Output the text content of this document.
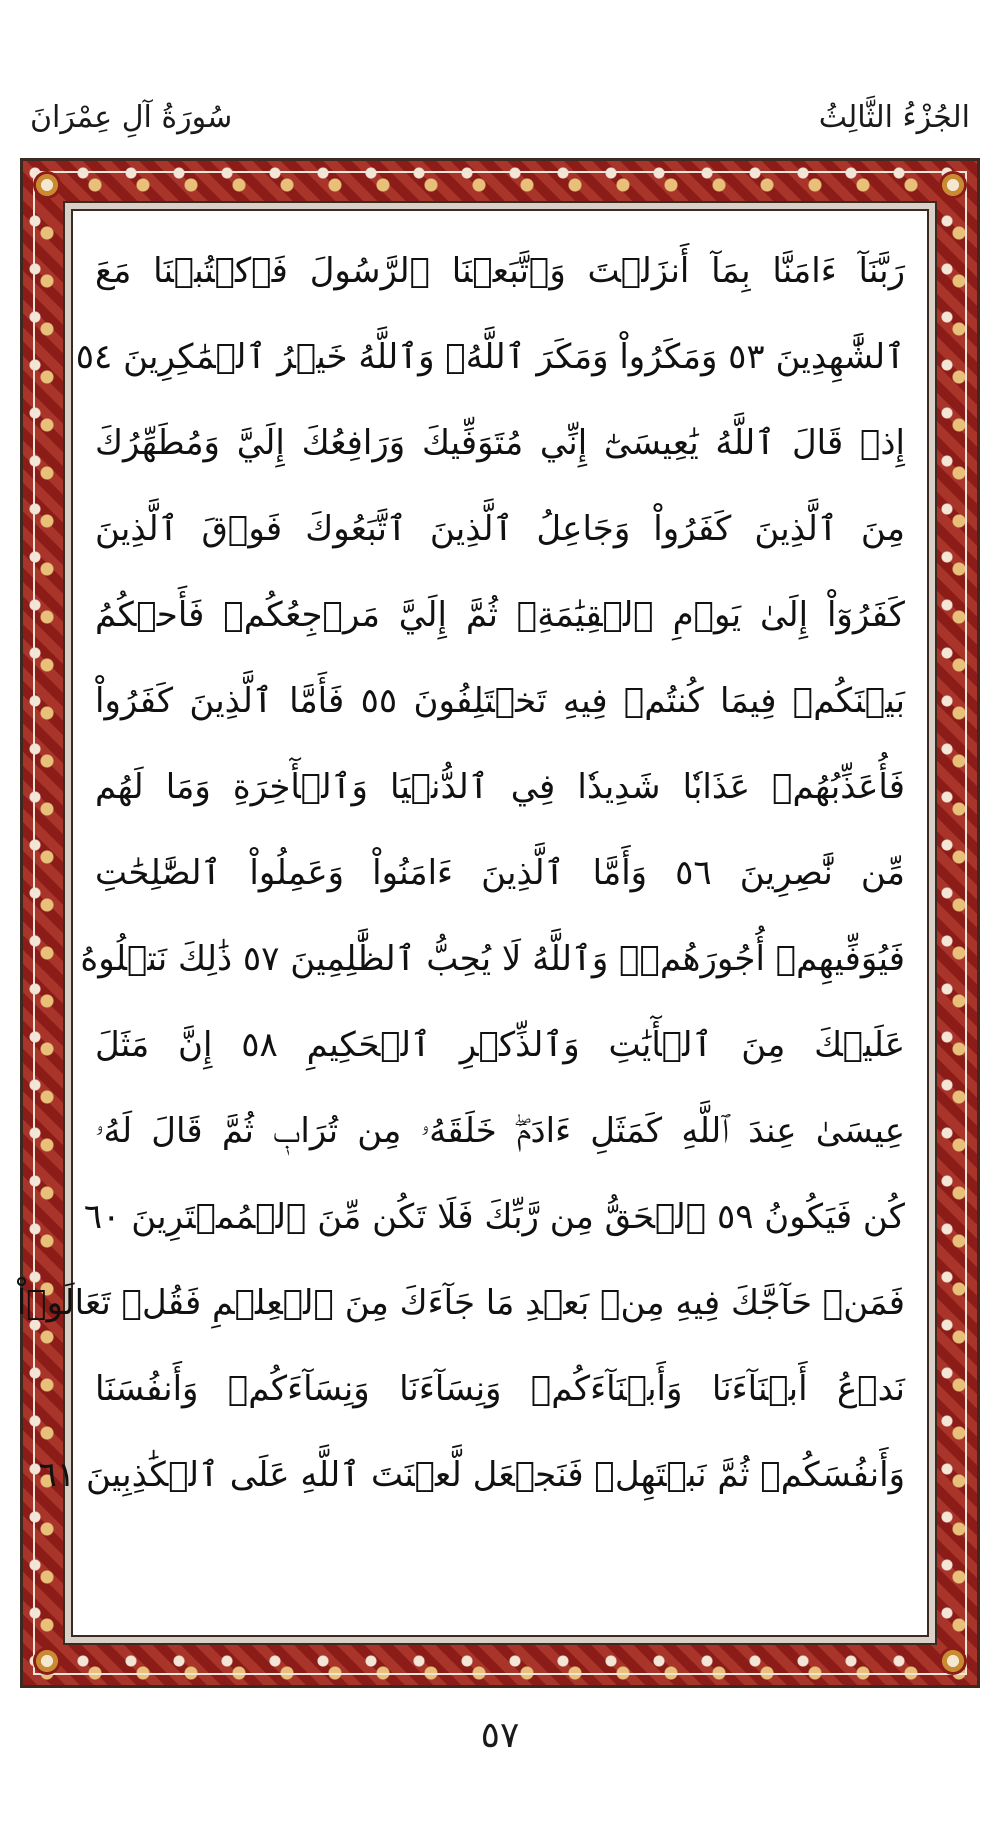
الجُزْءُ الثَّالِثُ
سُورَةُ آلِ عِمْرَانَ
رَبَّنَآ ءَامَنَّا بِمَآ أَنزَلۡتَ وَٱتَّبَعۡنَا ٱلرَّسُولَ فَٱكۡتُبۡنَا مَعَ
ٱلشَّٰهِدِينَ ٥٣ وَمَكَرُواْ وَمَكَرَ ٱللَّهُۖ وَٱللَّهُ خَيۡرُ ٱلۡمَٰكِرِينَ ٥٤
إِذۡ قَالَ ٱللَّهُ يَٰعِيسَىٰٓ إِنِّي مُتَوَفِّيكَ وَرَافِعُكَ إِلَيَّ وَمُطَهِّرُكَ
مِنَ ٱلَّذِينَ كَفَرُواْ وَجَاعِلُ ٱلَّذِينَ ٱتَّبَعُوكَ فَوۡقَ ٱلَّذِينَ
كَفَرُوٓاْ إِلَىٰ يَوۡمِ ٱلۡقِيَٰمَةِۖ ثُمَّ إِلَيَّ مَرۡجِعُكُمۡ فَأَحۡكُمُ
بَيۡنَكُمۡ فِيمَا كُنتُمۡ فِيهِ تَخۡتَلِفُونَ ٥٥ فَأَمَّا ٱلَّذِينَ كَفَرُواْ
فَأُعَذِّبُهُمۡ عَذَابٗا شَدِيدٗا فِي ٱلدُّنۡيَا وَٱلۡأٓخِرَةِ وَمَا لَهُم
مِّن نَّٰصِرِينَ ٥٦ وَأَمَّا ٱلَّذِينَ ءَامَنُواْ وَعَمِلُواْ ٱلصَّٰلِحَٰتِ
فَيُوَفِّيهِمۡ أُجُورَهُمۡۗ وَٱللَّهُ لَا يُحِبُّ ٱلظَّٰلِمِينَ ٥٧ ذَٰلِكَ نَتۡلُوهُ
عَلَيۡكَ مِنَ ٱلۡأٓيَٰتِ وَٱلذِّكۡرِ ٱلۡحَكِيمِ ٥٨ إِنَّ مَثَلَ
عِيسَىٰ عِندَ ٱللَّهِ كَمَثَلِ ءَادَمَۖ خَلَقَهُۥ مِن تُرَابٖ ثُمَّ قَالَ لَهُۥ
كُن فَيَكُونُ ٥٩ ٱلۡحَقُّ مِن رَّبِّكَ فَلَا تَكُن مِّنَ ٱلۡمُمۡتَرِينَ ٦٠
فَمَنۡ حَآجَّكَ فِيهِ مِنۢ بَعۡدِ مَا جَآءَكَ مِنَ ٱلۡعِلۡمِ فَقُلۡ تَعَالَوۡاْ
نَدۡعُ أَبۡنَآءَنَا وَأَبۡنَآءَكُمۡ وَنِسَآءَنَا وَنِسَآءَكُمۡ وَأَنفُسَنَا
وَأَنفُسَكُمۡ ثُمَّ نَبۡتَهِلۡ فَنَجۡعَل لَّعۡنَتَ ٱللَّهِ عَلَى ٱلۡكَٰذِبِينَ ٦١
٥٧
